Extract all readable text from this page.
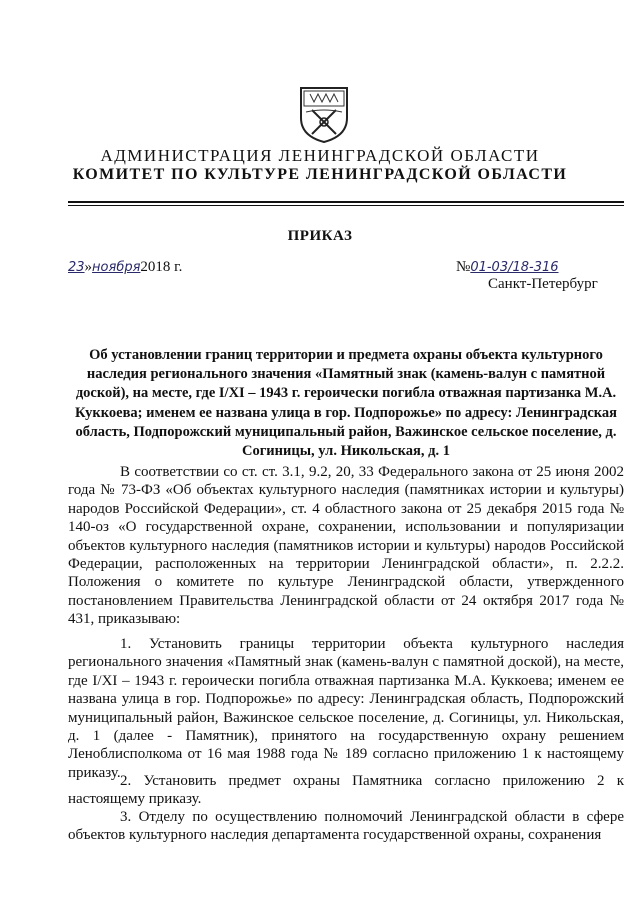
АДМИНИСТРАЦИЯ ЛЕНИНГРАДСКОЙ ОБЛАСТИ
КОМИТЕТ ПО КУЛЬТУРЕ ЛЕНИНГРАДСКОЙ ОБЛАСТИ
ПРИКАЗ
23»ноября2018 г.	№01-03/18-316
Санкт-Петербург
Об установлении границ территории и предмета охраны объекта культурного наследия регионального значения «Памятный знак (камень-валун с памятной доской), на месте, где I/XI – 1943 г. героически погибла отважная партизанка М.А. Куккоева; именем ее названа улица в гор. Подпорожье» по адресу: Ленинградская область, Подпорожский муниципальный район, Важинское сельское поселение, д. Согиницы, ул. Никольская, д. 1

В соответствии со ст. ст. 3.1, 9.2, 20, 33 Федерального закона от 25 июня 2002 года № 73-ФЗ «Об объектах культурного наследия (памятниках истории и культуры) народов Российской Федерации», ст. 4 областного закона от 25 декабря 2015 года № 140-оз «О государственной охране, сохранении, использовании и популяризации объектов культурного наследия (памятников истории и культуры) народов Российской Федерации, расположенных на территории Ленинградской области», п. 2.2.2. Положения о комитете по культуре Ленинградской области, утвержденного постановлением Правительства Ленинградской области от 24 октября 2017 года № 431, приказываю:

1. Установить границы территории объекта культурного наследия регионального значения «Памятный знак (камень-валун с памятной доской), на месте, где I/XI – 1943 г. героически погибла отважная партизанка М.А. Куккоева; именем ее названа улица в гор. Подпорожье» по адресу: Ленинградская область, Подпорожский муниципальный район, Важинское сельское поселение, д. Согиницы, ул. Никольская, д. 1 (далее - Памятник), принятого на государственную охрану решением Леноблисполкома от 16 мая 1988 года № 189 согласно приложению 1 к настоящему приказу.

2. Установить предмет охраны Памятника согласно приложению 2 к настоящему приказу.

3. Отделу по осуществлению полномочий Ленинградской области в сфере объектов культурного наследия департамента государственной охраны, сохранения
